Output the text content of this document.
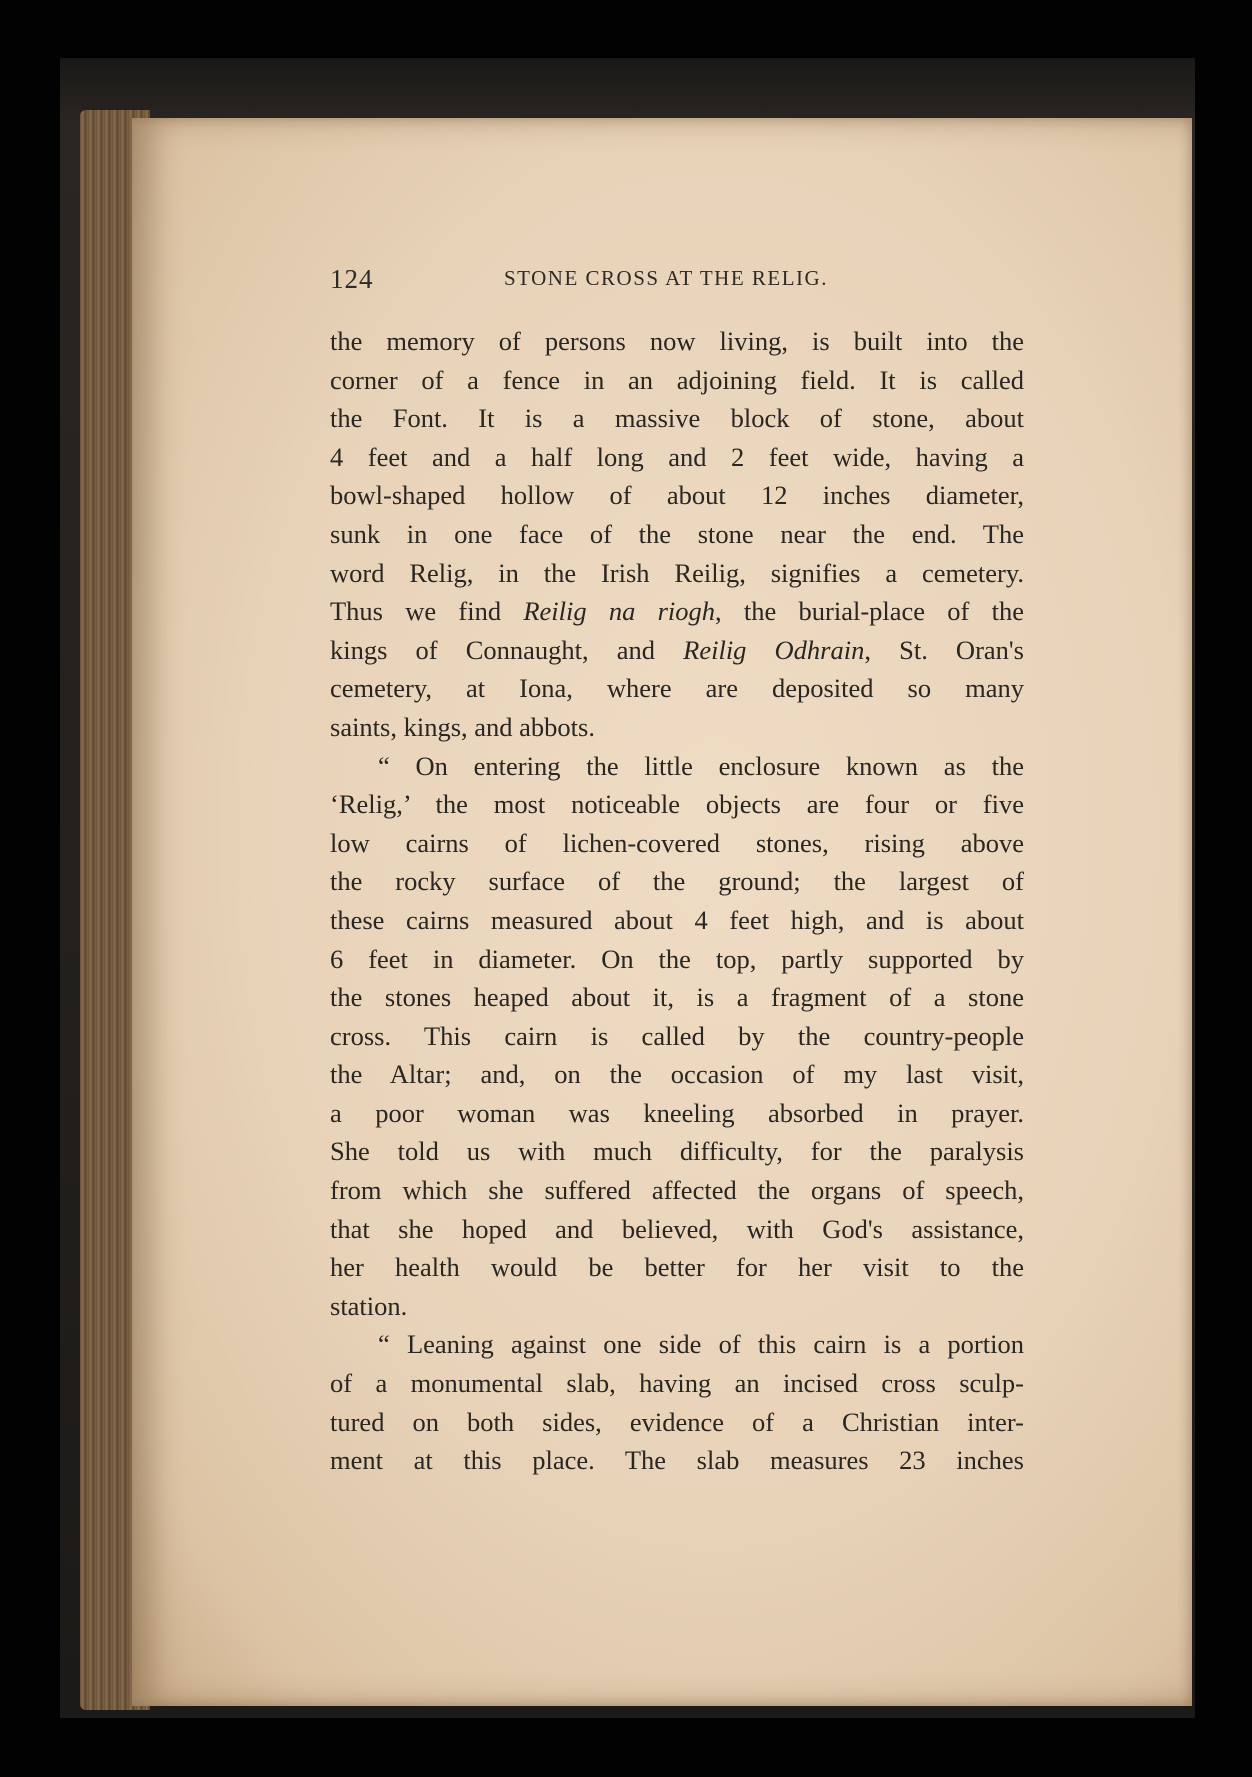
124	STONE CROSS AT THE RELIG.
the memory of persons now living, is built into the
corner of a fence in an adjoining field. It is called
the Font. It is a massive block of stone, about
4 feet and a half long and 2 feet wide, having a
bowl-shaped hollow of about 12 inches diameter,
sunk in one face of the stone near the end. The
word Relig, in the Irish Reilig, signifies a cemetery.
Thus we find Reilig na riogh, the burial-place of the
kings of Connaught, and Reilig Odhrain, St. Oran's
cemetery, at Iona, where are deposited so many
saints, kings, and abbots.
“ On entering the little enclosure known as the
‘Relig,’ the most noticeable objects are four or five
low cairns of lichen-covered stones, rising above
the rocky surface of the ground; the largest of
these cairns measured about 4 feet high, and is about
6 feet in diameter. On the top, partly supported by
the stones heaped about it, is a fragment of a stone
cross. This cairn is called by the country-people
the Altar; and, on the occasion of my last visit,
a poor woman was kneeling absorbed in prayer.
She told us with much difficulty, for the paralysis
from which she suffered affected the organs of speech,
that she hoped and believed, with God's assistance,
her health would be better for her visit to the
station.
“ Leaning against one side of this cairn is a portion
of a monumental slab, having an incised cross sculp-
tured on both sides, evidence of a Christian inter-
ment at this place. The slab measures 23 inches
